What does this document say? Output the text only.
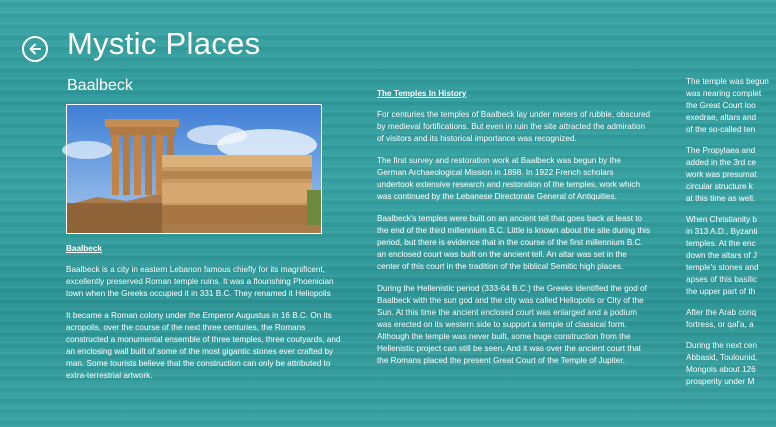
Mystic Places
Baalbeck
Baalbeck

Baalbeck is a city in eastern Lebanon famous chiefly for its magnificent, excellently preserved Roman temple ruins. It was a flourishing Phoenician town when the Greeks occupied it in 331 B.C. They renamed it Heliopolis

It became a Roman colony under the Emperor Augustus in 16 B.C. On its acropolis, over the course of the next three centuries, the Romans constructed a monumental ensemble of three temples, three coutyards, and an enclosing wall built of some of the most gigantic stones ever crafted by man. Some tourists believe that the construction can only be attributed to extra-terrestrial artwork.

The Temples In History

For centuries the temples of Baalbeck lay under meters of rubble, obscured by medieval fortifications. But even in ruin the site attracted the admiration of visitors and its historical importance was recognized.

The first survey and restoration work at Baalbeck was begun by the German Archaeological Mission in 1898. In 1922 French scholars undertook extensive research and restoration of the temples, work which was continued by the Lebanese Directorate General of Antiquities.

Baalbeck's temples were built on an ancient tell that goes back at least to the end of the third millennium B.C. Little is known about the site during this period, but there is evidence that in the course of the first millennium B.C. an enclosed court was built on the ancient tell. An altar was set in the center of this court in the tradition of the biblical Semitic high places.

During the Hellenistic period (333-64 B.C.) the Greeks identified the god of Baalbeck with the sun god and the city was called Heliopolis or City of the Sun. At this time the ancient enclosed court was enlarged and a podium was erected on its western side to support a temple of classical form. Although the temple was never built, some huge construction from the Hellenistic project can still be seen. And it was over the ancient court that the Romans placed the present Great Court of the Temple of Jupiter.

The temple was begun
was nearing complet
the Great Court loo
exedrae, altars and
of the so-called ten

The Propylaea and
added in the 3rd ce
work was presumat
circular structure k
at this time as well.

When Christianity b
in 313 A.D., Byzanti
temples. At the enc
down the altars of J
temple's stones and
apses of this basilic
the upper part of th

After the Arab conq
fortress, or qal'a, a

During the next cen
Abbasid, Toulounid,
Mongols about 126
prosperity under M
